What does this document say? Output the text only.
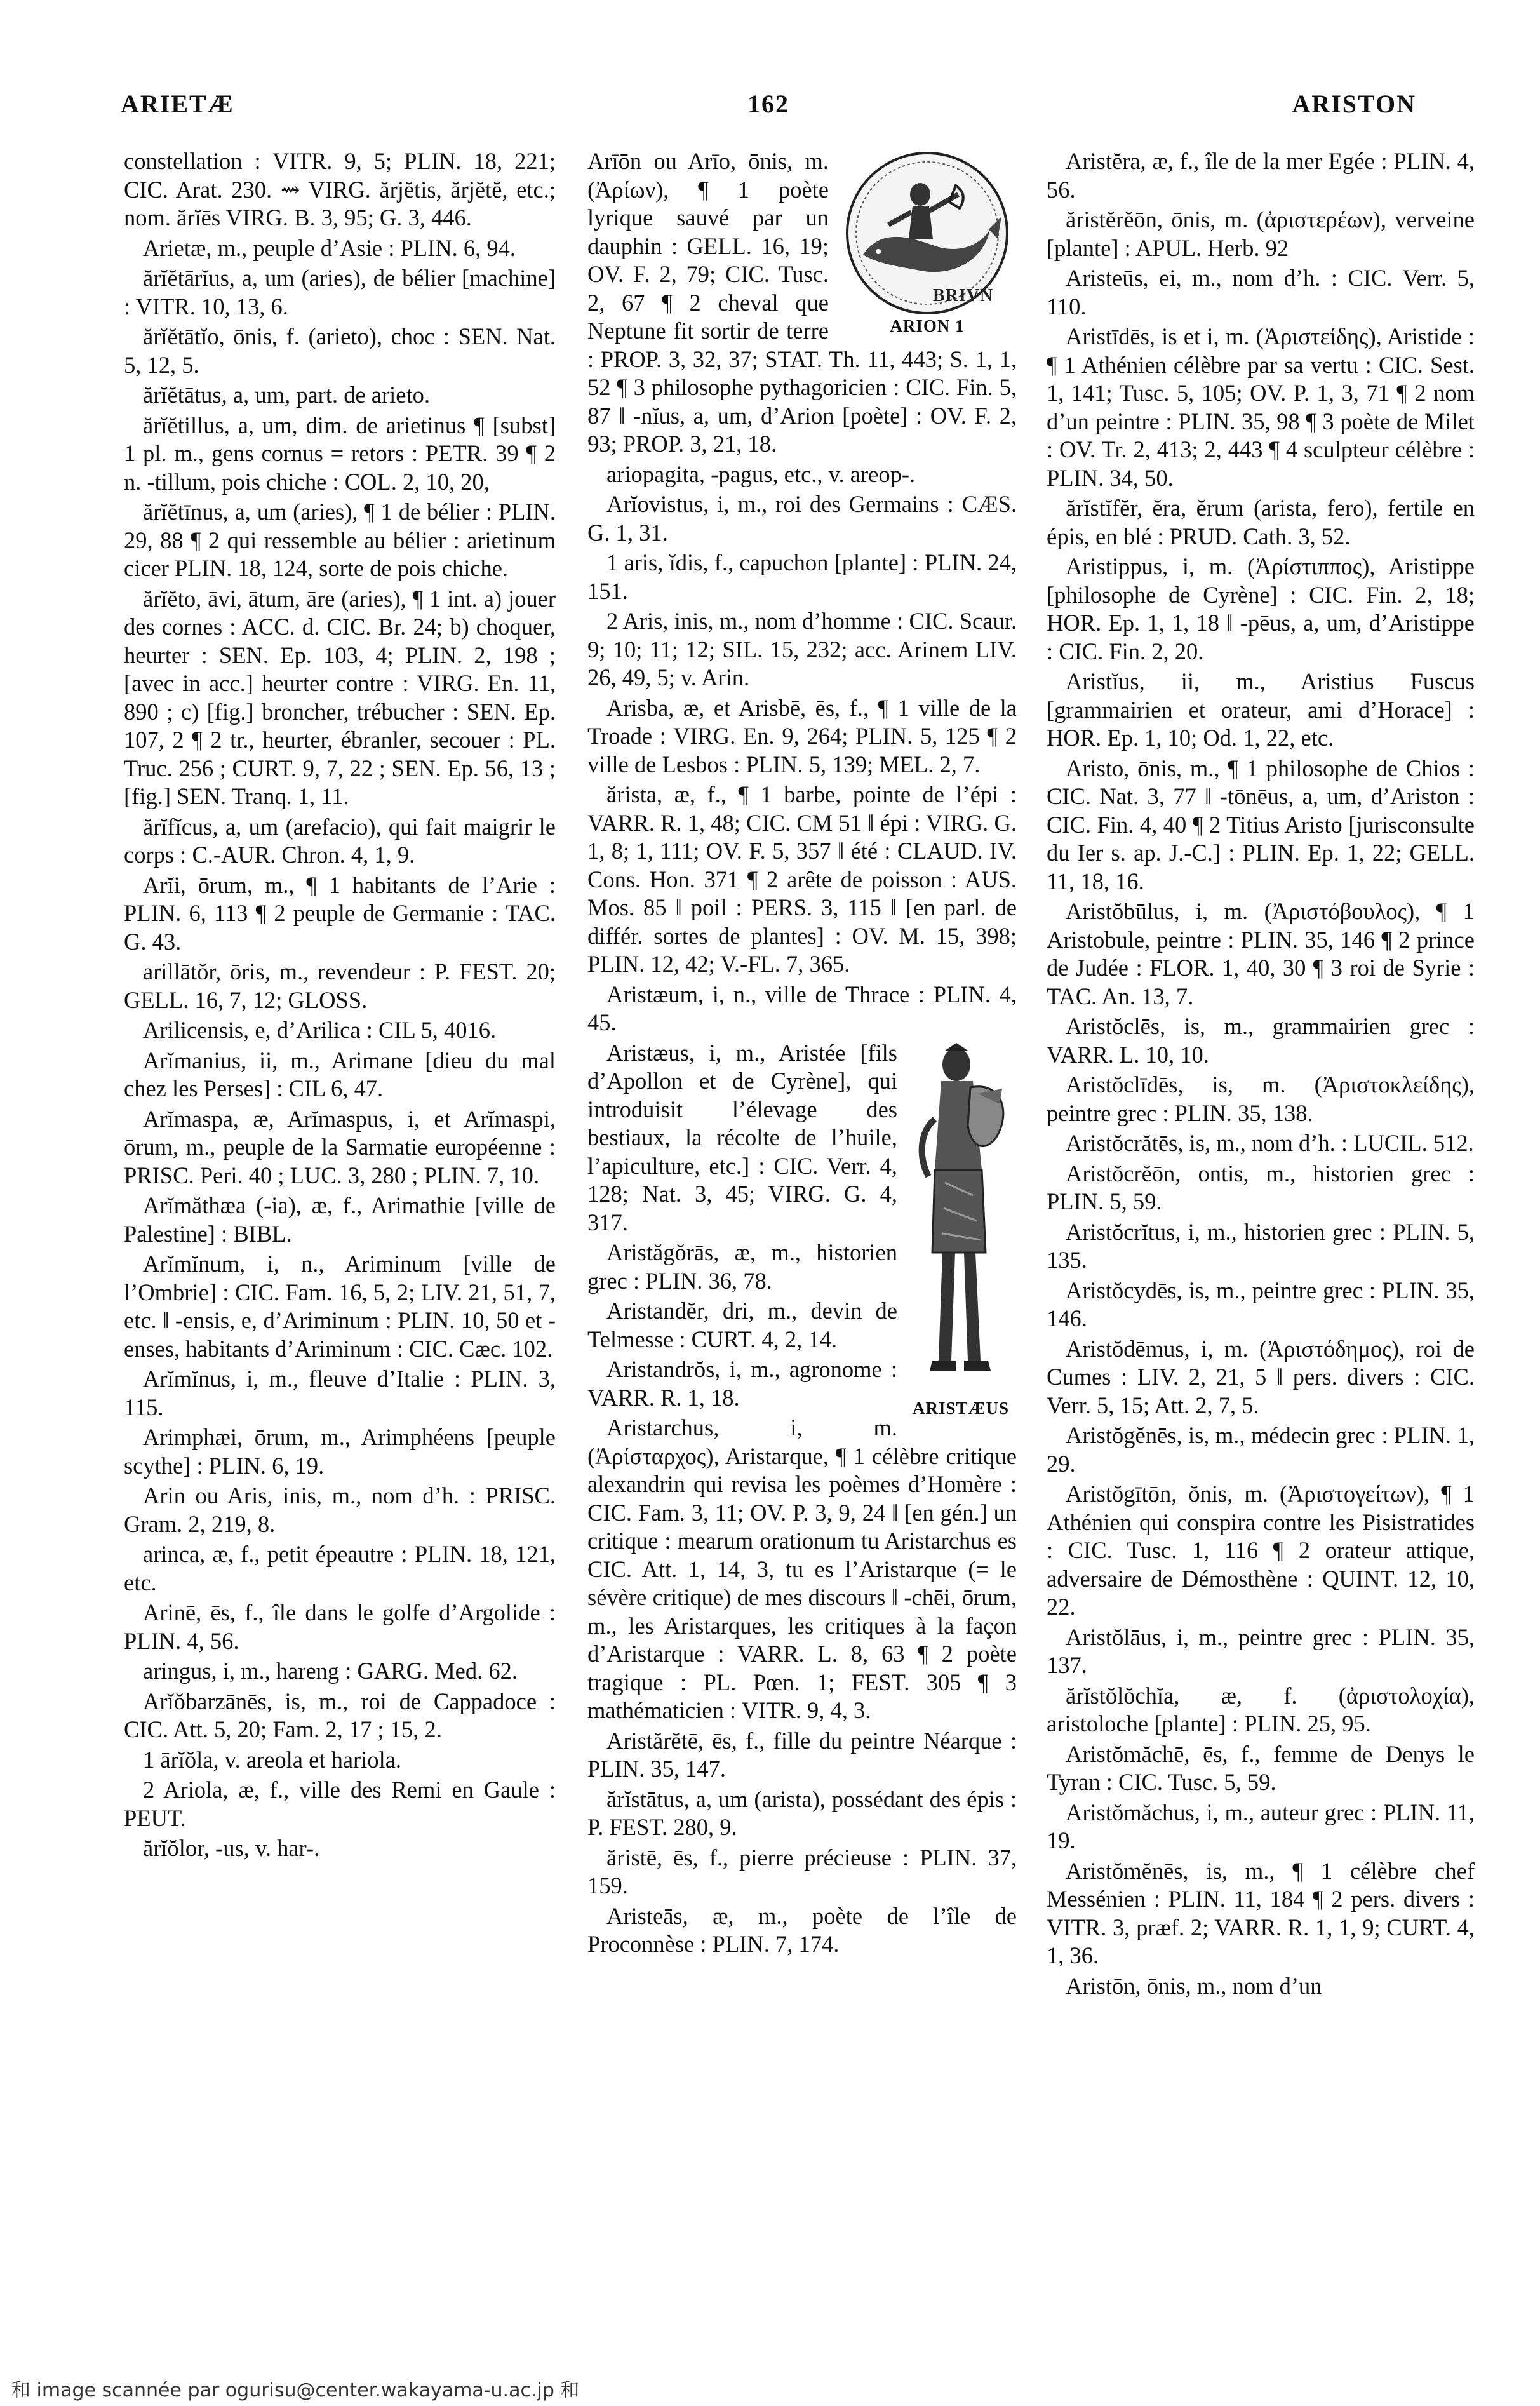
ARIETÆ	162	ARISTON

constellation : VITR. 9, 5; PLIN. 18, 221; CIC. Arat. 230. ⇝ VIRG. ărjĕtis, ărjĕtĕ, etc.; nom. ărĭēs VIRG. B. 3, 95; G. 3, 446.

Arietæ, m., peuple d’Asie : PLIN. 6, 94.

ărĭĕtārĭus, a, um (aries), de bélier [machine] : VITR. 10, 13, 6.

ărĭĕtātĭo, ōnis, f. (arieto), choc : SEN. Nat. 5, 12, 5.

ărĭĕtātus, a, um, part. de arieto.

ărĭĕtillus, a, um, dim. de arietinus ¶ [subst] 1 pl. m., gens cornus = retors : PETR. 39 ¶ 2 n. -tillum, pois chiche : COL. 2, 10, 20,

ărĭĕtīnus, a, um (aries), ¶ 1 de bélier : PLIN. 29, 88 ¶ 2 qui ressemble au bélier : arietinum cicer PLIN. 18, 124, sorte de pois chiche.

ărĭĕto, āvi, ātum, āre (aries), ¶ 1 int. a) jouer des cornes : ACC. d. CIC. Br. 24; b) choquer, heurter : SEN. Ep. 103, 4; PLIN. 2, 198 ; [avec in acc.] heurter contre : VIRG. En. 11, 890 ; c) [fig.] broncher, trébucher : SEN. Ep. 107, 2 ¶ 2 tr., heurter, ébranler, secouer : PL. Truc. 256 ; CURT. 9, 7, 22 ; SEN. Ep. 56, 13 ; [fig.] SEN. Tranq. 1, 11.

ărĭfĭcus, a, um (arefacio), qui fait maigrir le corps : C.-AUR. Chron. 4, 1, 9.

Arĭi, ōrum, m., ¶ 1 habitants de l’Arie : PLIN. 6, 113 ¶ 2 peuple de Germanie : TAC. G. 43.

arillātŏr, ōris, m., revendeur : P. FEST. 20; GELL. 16, 7, 12; GLOSS.

Arilicensis, e, d’Arilica : CIL 5, 4016.

Arĭmanius, ii, m., Arimane [dieu du mal chez les Perses] : CIL 6, 47.

Arĭmaspa, æ, Arĭmaspus, i, et Arĭmaspi, ōrum, m., peuple de la Sarmatie européenne : PRISC. Peri. 40 ; LUC. 3, 280 ; PLIN. 7, 10.

Arĭmăthæa (-ia), æ, f., Arimathie [ville de Palestine] : BIBL.

Arĭmĭnum, i, n., Ariminum [ville de l’Ombrie] : CIC. Fam. 16, 5, 2; LIV. 21, 51, 7, etc. ‖ -ensis, e, d’Ariminum : PLIN. 10, 50 et -enses, habitants d’Ariminum : CIC. Cæc. 102.

Arĭmĭnus, i, m., fleuve d’Italie : PLIN. 3, 115.

Arimphæi, ōrum, m., Arimphéens [peuple scythe] : PLIN. 6, 19.

Arin ou Aris, inis, m., nom d’h. : PRISC. Gram. 2, 219, 8.

arinca, æ, f., petit épeautre : PLIN. 18, 121, etc.

Arinē, ēs, f., île dans le golfe d’Argolide : PLIN. 4, 56.

aringus, i, m., hareng : GARG. Med. 62.

Arĭŏbarzānēs, is, m., roi de Cappadoce : CIC. Att. 5, 20; Fam. 2, 17 ; 15, 2.

1 ārĭŏla, v. areola et hariola.

2 Ariola, æ, f., ville des Remi en Gaule : PEUT.

ărĭŏlor, -us, v. har-.

BRIVN
ARION 1

Arīōn ou Arīo, ōnis, m. (Ἀρίων), ¶ 1 poète lyrique sauvé par un dauphin : GELL. 16, 19; OV. F. 2, 79; CIC. Tusc. 2, 67 ¶ 2 cheval que Neptune fit sortir de terre : PROP. 3, 32, 37; STAT. Th. 11, 443; S. 1, 1, 52 ¶ 3 philosophe pythagoricien : CIC. Fin. 5, 87 ‖ -nĭus, a, um, d’Arion [poète] : OV. F. 2, 93; PROP. 3, 21, 18.

ariopagita, -pagus, etc., v. areop-.

Arĭovistus, i, m., roi des Germains : CÆS. G. 1, 31.

1 aris, ĭdis, f., capuchon [plante] : PLIN. 24, 151.

2 Aris, inis, m., nom d’homme : CIC. Scaur. 9; 10; 11; 12; SIL. 15, 232; acc. Arinem LIV. 26, 49, 5; v. Arin.

Arisba, æ, et Arisbē, ēs, f., ¶ 1 ville de la Troade : VIRG. En. 9, 264; PLIN. 5, 125 ¶ 2 ville de Lesbos : PLIN. 5, 139; MEL. 2, 7.

ărista, æ, f., ¶ 1 barbe, pointe de l’épi : VARR. R. 1, 48; CIC. CM 51 ‖ épi : VIRG. G. 1, 8; 1, 111; OV. F. 5, 357 ‖ été : CLAUD. IV. Cons. Hon. 371 ¶ 2 arête de poisson : AUS. Mos. 85 ‖ poil : PERS. 3, 115 ‖ [en parl. de différ. sortes de plantes] : OV. M. 15, 398; PLIN. 12, 42; V.-FL. 7, 365.

Aristæum, i, n., ville de Thrace : PLIN. 4, 45.

ARISTÆUS

Aristæus, i, m., Aristée [fils d’Apollon et de Cyrène], qui introduisit l’élevage des bestiaux, la récolte de l’huile, l’apiculture, etc.] : CIC. Verr. 4, 128; Nat. 3, 45; VIRG. G. 4, 317.

Aristăgŏrās, æ, m., historien grec : PLIN. 36, 78.

Aristandĕr, dri, m., devin de Telmesse : CURT. 4, 2, 14.

Aristandrŏs, i, m., agronome : VARR. R. 1, 18.

Aristarchus, i, m. (Ἀρίσταρχος), Aristarque, ¶ 1 célèbre critique alexandrin qui revisa les poèmes d’Homère : CIC. Fam. 3, 11; OV. P. 3, 9, 24 ‖ [en gén.] un critique : mearum orationum tu Aristarchus es CIC. Att. 1, 14, 3, tu es l’Aristarque (= le sévère critique) de mes discours ‖ -chēi, ōrum, m., les Aristarques, les critiques à la façon d’Aristarque : VARR. L. 8, 63 ¶ 2 poète tragique : PL. Pœn. 1; FEST. 305 ¶ 3 mathématicien : VITR. 9, 4, 3.

Aristărĕtē, ēs, f., fille du peintre Néarque : PLIN. 35, 147.

ărĭstātus, a, um (arista), possédant des épis : P. FEST. 280, 9.

ăristē, ēs, f., pierre précieuse : PLIN. 37, 159.

Aristeās, æ, m., poète de l’île de Proconnèse : PLIN. 7, 174.

Aristĕra, æ, f., île de la mer Egée : PLIN. 4, 56.

ăristĕrĕōn, ōnis, m. (ἀριστερέων), verveine [plante] : APUL. Herb. 92

Aristeūs, ei, m., nom d’h. : CIC. Verr. 5, 110.

Aristīdēs, is et i, m. (Ἀριστείδης), Aristide : ¶ 1 Athénien célèbre par sa vertu : CIC. Sest. 1, 141; Tusc. 5, 105; OV. P. 1, 3, 71 ¶ 2 nom d’un peintre : PLIN. 35, 98 ¶ 3 poète de Milet : OV. Tr. 2, 413; 2, 443 ¶ 4 sculpteur célèbre : PLIN. 34, 50.

ărĭstĭfĕr, ĕra, ĕrum (arista, fero), fertile en épis, en blé : PRUD. Cath. 3, 52.

Aristippus, i, m. (Ἀρίστιππος), Aristippe [philosophe de Cyrène] : CIC. Fin. 2, 18; HOR. Ep. 1, 1, 18 ‖ -pēus, a, um, d’Aristippe : CIC. Fin. 2, 20.

Aristĭus, ii, m., Aristius Fuscus [grammairien et orateur, ami d’Horace] : HOR. Ep. 1, 10; Od. 1, 22, etc.

Aristo, ōnis, m., ¶ 1 philosophe de Chios : CIC. Nat. 3, 77 ‖ -tōnēus, a, um, d’Ariston : CIC. Fin. 4, 40 ¶ 2 Titius Aristo [jurisconsulte du Ier s. ap. J.-C.] : PLIN. Ep. 1, 22; GELL. 11, 18, 16.

Aristŏbūlus, i, m. (Ἀριστόβουλος), ¶ 1 Aristobule, peintre : PLIN. 35, 146 ¶ 2 prince de Judée : FLOR. 1, 40, 30 ¶ 3 roi de Syrie : TAC. An. 13, 7.

Aristŏclēs, is, m., grammairien grec : VARR. L. 10, 10.

Aristŏclīdēs, is, m. (Ἀριστοκλείδης), peintre grec : PLIN. 35, 138.

Aristŏcrătēs, is, m., nom d’h. : LUCIL. 512.

Aristŏcrĕōn, ontis, m., historien grec : PLIN. 5, 59.

Aristŏcrĭtus, i, m., historien grec : PLIN. 5, 135.

Aristŏcydēs, is, m., peintre grec : PLIN. 35, 146.

Aristŏdēmus, i, m. (Ἀριστόδημος), roi de Cumes : LIV. 2, 21, 5 ‖ pers. divers : CIC. Verr. 5, 15; Att. 2, 7, 5.

Aristŏgĕnēs, is, m., médecin grec : PLIN. 1, 29.

Aristŏgītōn, ŏnis, m. (Ἀριστογείτων), ¶ 1 Athénien qui conspira contre les Pisistratides : CIC. Tusc. 1, 116 ¶ 2 orateur attique, adversaire de Démosthène : QUINT. 12, 10, 22.

Aristŏlāus, i, m., peintre grec : PLIN. 35, 137.

ărĭstŏlŏchĭa, æ, f. (ἀριστολοχία), aristoloche [plante] : PLIN. 25, 95.

Aristŏmăchē, ēs, f., femme de Denys le Tyran : CIC. Tusc. 5, 59.

Aristŏmăchus, i, m., auteur grec : PLIN. 11, 19.

Aristŏmĕnēs, is, m., ¶ 1 célèbre chef Messénien : PLIN. 11, 184 ¶ 2 pers. divers : VITR. 3, præf. 2; VARR. R. 1, 1, 9; CURT. 4, 1, 36.

Aristōn, ōnis, m., nom d’un

和 image scannée par ogurisu@center.wakayama-u.ac.jp 和
